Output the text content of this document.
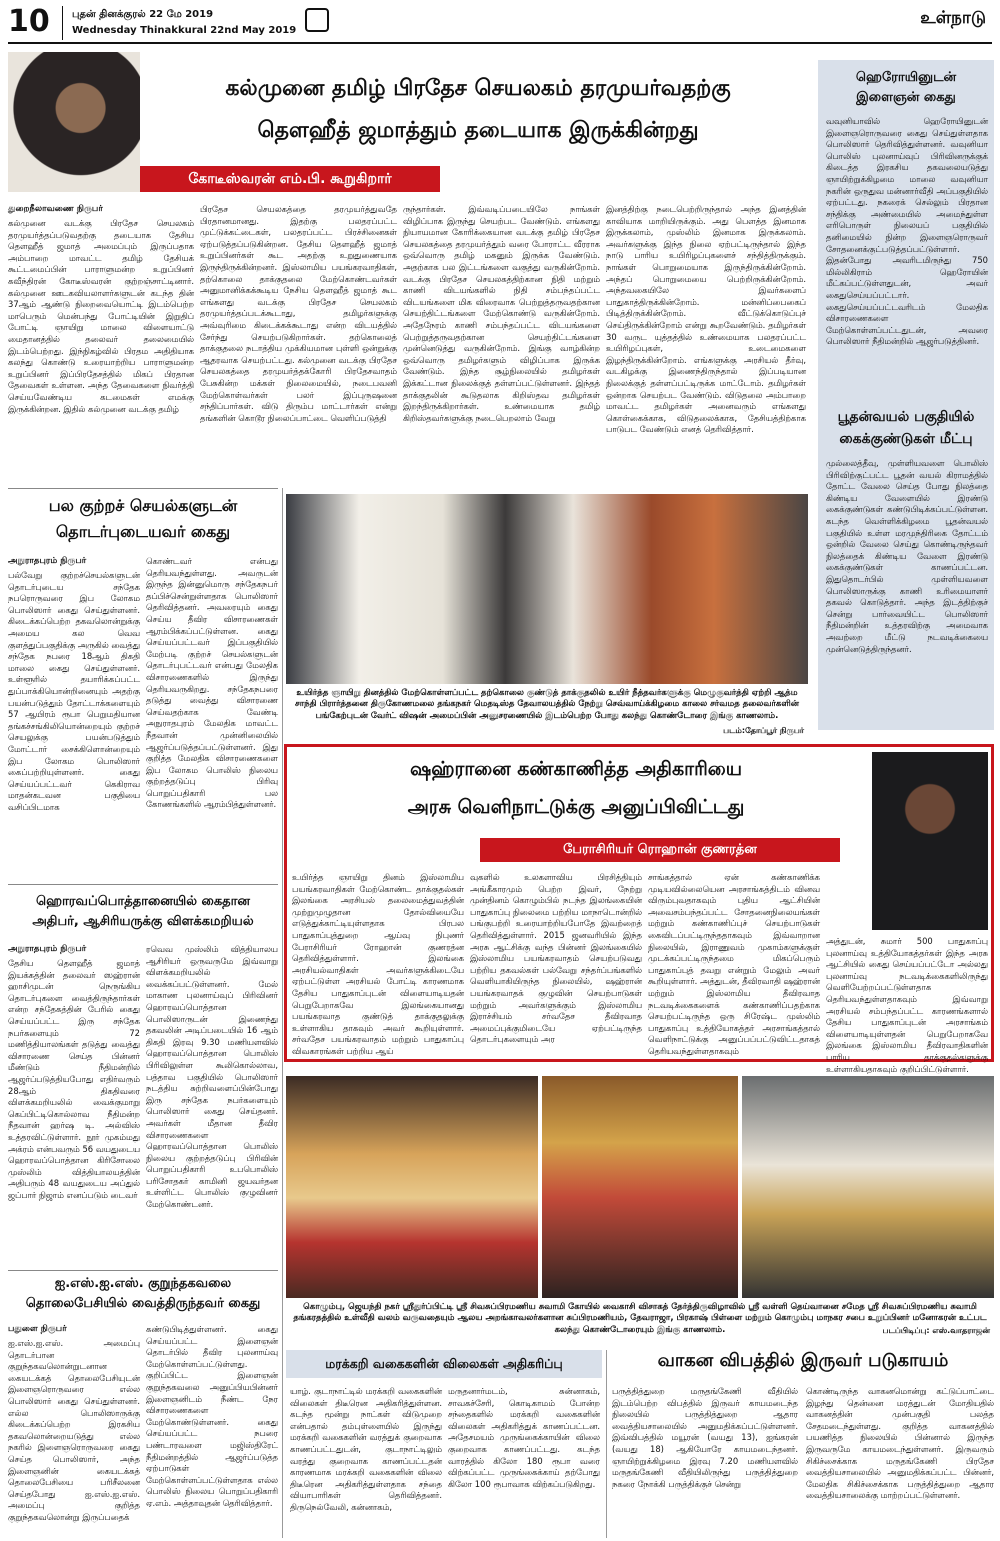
10 புதன் தினக்குரல் 22 மே 2019
Wednesday Thinakkural 22nd May 2019
உள்நாடு
கல்முனை தமிழ் பிரதேச செயலகம் தரமுயர்வதற்கு
தௌஹீத் ஜமாத்தும் தடையாக இருக்கின்றது
கோடீஸ்வரன் எம்.பி. கூறுகிறார்
துறைநீலாவணை நிருபர்
கல்முனை வடக்கு பிரதேச செயலகம் தரமுயர்த்தப்படுவதற்கு தடையாக தேசிய தௌஹீத் ஜமாத் அமைப்பும் இருப்பதாக அம்பாறை மாவட்ட தமிழ் தேசியக் கூட்டமைப்பின் பாராளுமன்ற உறுப்பினர் கவீந்திரன் கோடீஸ்வரன் குற்றஞ்சாட்டினார். கல்முனை ஊடகவியலாளர்களுடன் கடந்த தின் 37ஆம் ஆண்டு நிறைவையொட்டி இடம்பெற்ற மாபெரும் மென்பந்து போட்டியின் இறுதிப் போட்டி ஞாயிறு மாலை விளையாட்டு மைதானத்தில் தலைவர் தலைமையில் இடம்பெற்றது. இந்நிகழ்வில் பிரதம அதிதியாக கலந்து கொண்டு உரையாற்றிய பாராளுமன்ற உறுப்பினர் இப்பிரதேசத்தில் மிகப் பிரதான தேவைகள் உள்ளன. அந்த தேவைகளை நிவர்த்தி செய்யவேண்டிய கடமைகள் எமக்கு இருக்கின்றன. இதில் கல்முனை வடக்கு தமிழ்
பிரதேச செயலகத்தை தரமுயர்த்துவதே பிரதானமானது. இதற்கு பலதரப்பட்ட முட்டுக்கட்டைகள், பலதரப்பட்ட பிரச்சினைகள் ஏற்படுத்தப்படுகின்றன. தேசிய தௌஹீத் ஜமாத் உறுப்பினர்கள் கூட அதற்கு உறுதுணையாக இருந்திருக்கின்றனர். இஸ்லாமிய பயங்கரவாதிகள், தற்கொலை தாக்குதலை மேற்கொண்டவர்கள் அனுமானிக்கக்கூடிய நேசிய தௌஹீத் ஜமாத் கூட எங்களது வடக்கு பிரதேச செயலகம் தரமுயர்த்தப்படக்கூடாது, தமிழர்களுக்கு அவ்வுரிமை கிடைக்கக்கூடாது என்ற விடயத்தில் சேர்ந்து செயற்படுகிறார்கள். தற்கொலைத் தாக்குதலை நடாத்திய முக்கியமான புள்ளி ஒன்றுக்கு ஆதரவாக செயற்பட்டது. கல்முனை வடக்கு பிரதேச செயலகத்தை தரமுயர்த்தக்கோரி பிரதேசவாதம் பேசுகின்ற மக்கள் நிலைமையில், நடைபவனி மேற்கொள்வர்கள் பலர் இப்புருஷனை சந்திப்பார்கள். விடு திரும்ப மாட்டார்கள் என்று தங்களின் கொடூர நிலைப்பாட்டை வெளிப்படுத்தி
ருந்தார்கள். இவ்வடிப்படையிலே நாங்கள் விழிப்பாக இருந்து செயற்பட வேண்டும். எங்களது நியாயமான கோரிக்கையான வடக்கு தமிழ் பிரதேச செயலகத்தை தரமுயர்த்தும் வரை போராட்ட வீரராக ஒவ்வொரு தமிழ் மகனும் இருக்க வேண்டும். அதற்காக பல இட்டங்களை வகுத்து வருகின்றோம். வடக்கு பிரதேச செயலகத்திற்கான நிதி மற்றும் காணி விடயங்களில் நிதி சம்பந்தப்பட்ட விடயங்களை மிக விரைவாக பெற்றுத்தருவதற்கான செயற்திட்டங்களை மேற்கொண்டு வருகின்றோம். அதேநேரம் காணி சம்பந்தப்பட்ட விடயங்களை பெற்றுத்தருவதற்கான செயற்திட்டங்களை முன்னெடுத்து வருகின்றோம். இங்கு வாழ்கின்ற ஒவ்வொரு தமிழர்களும் விழிப்பாக இருக்க வேண்டும். இந்த சூழ்நிலையில் தமிழர்கள் இக்கட்டான நிலைக்குத் தள்ளப்பட்டுள்ளனர். இந்தத் தாக்குதலின் கூடுதலாக கிறிஸ்தவ தமிழர்கள் இறந்திருக்கிறார்கள். உண்மையாக தமிழ் கிறிஸ்தவர்களுக்கு நடைபெறலாம் வேறு
இனத்திற்கு நடைபெற்றிருந்தால் அந்த இனத்தின் காவியாக மாறியிருக்கும். அது பௌத்த இனமாக இருக்கலாம், முஸ்லிம் இனமாக இருக்கலாம். அவர்களுக்கு இந்த நிலை ஏற்பட்டிருந்தால் இந்த நாடு பாரிய உயிரிழப்புகளைச் சந்தித்திருக்கும். நாங்கள் பொறுமையாக இருந்திருக்கின்றோம். அந்தப் பொறுமையை பெற்றிருக்கின்றோம். அந்தவகையிலே இவர்களைப் பாதுகாத்திருக்கின்றோம். மன்னிப்பைகைப் பிடித்திருக்கின்றோம். வீட்டுக்கொடுப்புச் செய்திருக்கின்றோம் என்று கூறவேண்டும். தமிழர்கள் 30 வருட யுத்தத்தில் உண்மையாக பலதரப்பட்ட உயிரிழப்புகள், உடைமைகளை இழந்திருக்கின்றோம். எங்களுக்கு அரசியல் தீர்வு, வடகிழக்கு இணைந்திருந்தால் இப்படியான நிலைக்குத் தள்ளப்பட்டிருக்க மாட்டோம். தமிழர்கள் ஒன்றாக செயற்பட வேண்டும். விடுதலை அம்பாறை மாவட்ட தமிழர்கள் அனைவரும் எங்களது கொள்கைக்காக, விடுதலைக்காக, தேசியத்திற்காக பாடுபட வேண்டும் எனத் தெரிவித்தார்.
ஹெரோயினுடன்
இளைஞன் கைது
வவுனியாவில் ஹெரோயினுடன் இளைஞரொருவரை கைது செய்துள்ளதாக பொலிஸார் தெரிவித்துள்ளனர். வவுனியா பொலிஸ் புலனாய்வுப் பிரிவினருக்குக் கிடைத்த இரகசிய தகவலையடுத்து ஞாயிற்றுக்கிழமை மாலை வவுனியா நகரின் ஒருதுவ மன்னார்வீதி அப்பகுதியில் ஏற்பட்டது. நகரைக் செல்லும் பிரதான சந்திக்கு அண்மையில் அமைந்துள்ள எரிபொருள் நிலையப் பகுதியில் தனிமையில் நின்ற இளைஞரொருவர் சோதனைக்குட்படுத்தப்பட்டுள்ளார். இதன்போது அவரிடமிருந்து 750 மில்லிகிராம் ஹெரோயின் மீட்கப்பட்டுள்ளதுடன், அவர் கைதுசெய்யப்பட்டார். கைதுசெய்யப்பட்டவரிடம் மேலதிக விசாரணைகளை மேற்கொள்ளப்பட்டதுடன், அவரை பொலிஸார் நீதிமன்றில் ஆஜர்படுத்தினர்.
பூதன்வயல் பகுதியில்
கைக்குண்டுகள் மீட்பு
முல்லைத்தீவு, முள்ளியவளை பொலிஸ் பிரிவிற்குட்பட்ட பூதன் வயல் கிராமத்தில் தோட்ட வேலை செய்த போது நிலத்தை கிண்டிய வேளையில் இரண்டு கைக்குண்டுகள் கண்டுபிடிக்கப்பட்டுள்ளன. கடந்த வெள்ளிக்கிழமை பூதன்வயல் பகுதியில் உள்ள மரமுந்திரிகை தோட்டம் ஒன்றில் வேலை செய்து கொண்டிருந்தவர் நிலத்தைக் கிண்டிய வேளை இரண்டு கைக்குண்டுகள் காணப்பட்டன. இதுதொடர்பில் முள்ளியவளை பொலிஸாருக்கு காணி உரிமையாளர் தகவல் கொடுத்தார். அந்த இடத்திற்குச் சென்று பார்வையிட்ட பொலிஸார் நீதிமன்றின் உத்தரவிற்கு அமைவாக அவற்றை மீட்டு நடவடிக்கையை முன்னெடுத்திருந்தனர்.
பல குற்றச் செயல்களுடன்
தொடர்புடையவர் கைது
அநுராதபுரம் நிருபர்
பல்வேறு குற்றச்செயல்களுடன் தொடர்புடைய சந்தேக நபரொருவரை இப லோகம பொலிஸார் கைது செய்துள்ளனர். கிடைக்கப்பெற்ற தகவலொன்றுக்கு அமைய கல வெவ குளத்துப்பகுதிக்கு அருகில் வைத்து சந்தேக நபரை 18ஆம் திகதி மாலை கைது செய்துள்ளனர். உள்ளூரில் தயாரிக்கப்பட்ட துப்பாக்கியொன்றினையும் அதற்கு பயன்படுத்தும் தோட்டாக்களையும் 57 ஆயிரம் ரூபா பெறுமதியான தங்கச்சங்கிலியொன்றையும் குற்றச் செயலுக்கு பயன்படுத்தும் மோட்டார் சைக்கிளொன்றையும் இப லோகம பொலிஸார் கைப்பற்றியுள்ளனர். கைது செய்யப்பட்டவர் கெகிராவ மாதன்கடவன பகுதியை வசிப்பிடமாக
கொண்டவர் என்பது தெரியவந்துள்ளது. அவருடன் இருந்த இன்னுமொரு சந்தேகநபர் தப்பிச்சென்றுள்ளதாக பொலிஸார் தெரிவித்தனர். அவரையும் கைது செய்ய தீவிர விசாரணைகள் ஆரம்பிக்கப்பட்டுள்ளன. கைது செய்யப்பட்டவர் இப்பகுதியில் மேற்படி குற்றச் செயல்களுடன் தொடர்புபட்டவர் என்பது மேலதிக விசாரணைகளில் இருந்து தெரியவருகிறது. சந்தேகநபரை தடுத்து வைத்து விசாரணை செய்வதற்காக வேண்டி அநுராதபுரம் மேலதிக மாவட்ட நீதவான் முன்னிலையில் ஆஜர்ப்படுத்தப்பட்டுள்ளனர். இது குறித்த மேலதிக விசாரணைகளை இப லோகம பொலிஸ் நிலைய குற்றத்தடுப்பு பிரிவு பொறுப்பதிகாரி பல கோணங்களில் ஆரம்பித்துள்ளனர்.
உயிர்த்த ஞாயிறு தினத்தில் மேற்கொள்ளப்பட்ட தற்கொலை குண்டுத் தாக்குதலில் உயிர் நீத்தவர்களுக்கு மெழுகுவர்த்தி ஏற்றி ஆத்ம சாந்தி பிரார்த்தனை திருகோணமலை தங்கநகர் மெதடிஸ்த தேவாலயத்தில் நேற்று செவ்வாய்க்கிழமை காலை சர்வமத தலைவர்களின் பங்கேற்புடன் வேர்ட் விஷன் அமைப்பின் அனுசரணையில் இடம்பெற்ற போது கலந்து கொண்டோரை இங்கு காணலாம்.
படம்:தோப்பூர் நிருபர்
ஷஹ்ரானை கண்காணித்த அதிகாரியை
அரசு வெளிநாட்டுக்கு அனுப்பிவிட்டது
பேராசிரியர் ரொஹான் குணரத்ன
உயிர்த்த ஞாயிறு தினம் இஸ்லாமிய பயங்கரவாதிகள் மேற்கொண்ட தாக்குதல்கள் இலங்கை அரசியல் தலைமைத்துவத்தின் முற்றுமுழுதான தோல்வியையே எடுத்துக்காட்டியுள்ளதாக பிரபல பாதுகாப்புத்துறை ஆய்வு நிபுணர் பேராசிரியர் ரோஹான் குணரத்ன தெரிவித்துள்ளார். இலங்கை அரசியல்வாதிகள் அவர்களுக்கிடையே ஏற்பட்டுள்ள அரசியல் போட்டி காரணமாக தேசிய பாதுகாப்புடன் விளையாடியதன் பெறுபேறாகவே இலங்கையானது பயங்கரவாத குண்டுத் தாக்குதலுக்கு உள்ளாகிய தாகவும் அவர் கூறியுள்ளார். சர்வதேச பயங்கரவாதம் மற்றும் பாதுகாப்பு விவகாரங்கள் பற்றிய ஆய்
வுகளில் உலகளாவிய பிரசித்தியும் அங்கீகாரமும் பெற்ற இவர், நேற்று முன்தினம் கொழும்பில் நடந்த இலங்கையின் பாதுகாப்பு நிலைமை பற்றிய மாநாடொன்றில் பங்குபற்றி உரையாற்றியபோதே இவற்றைத் தெரிவித்துள்ளார். 2015 ஜனவரியில் இந்த அரசு ஆட்சிக்கு வந்த பின்னர் இலங்கையில் இஸ்லாமிய பயங்கரவாதம் செயற்படுவது பற்றிய தகவல்கள் பல்வேறு சந்தர்ப்பங்களில் வெளியாகியிருந்த நிலையில், ஷஹ்ரான் பயங்கரவாதக் குழுவின் செயற்பாடுகள் மற்றும் அவர்களுக்கும் இஸ்லாமிய இராச்சியம் சர்வதேச தீவிரவாத அமைப்புக்குமிடையே ஏற்பட்டிருந்த தொடர்புகளையும் அர
சாங்கத்தால் ஏன் கண்காணிக்க முடியவில்லையென அரசாங்கத்திடம் வினவ விரும்புவதாகவும் புதிய ஆட்சியின் அவைசம்பந்தப்பட்ட சோதனைநிலையங்கள் மற்றும் கண்காணிப்புச் செயற்பாடுகள் கைவிடப்பட்டிருந்ததாகவும் இவ்வாறான நிலையில், இராணுவம் முகாம்களுக்குள் முடக்கப்பட்டிருந்தமை மிகப்பெரும் பாதுகாப்புத் தவறு என்றும் மேலும் அவர் கூறியுள்ளார். அத்துடன், தீவிரவாதி ஷஹ்ரான் மற்றும் இஸ்லாமிய தீவிரவாத நடவடிக்கைகளைக் கண்காணிப்பதற்காக செயற்பட்டிருந்த ஒரு சிரேஷ்ட முஸ்லிம் பாதுகாப்பு உத்தியோகத்தர் அரசாங்கத்தால் வெளிநாட்டுக்கு அனுப்பப்பட்டுவிட்டதாகத் தெரியவந்துள்ளதாகவும்
அத்துடன், சுமார் 500 பாதுகாப்பு புலனாய்வு உத்தியோகத்தர்கள் இந்த அரசு ஆட்சியில் கைது செய்யப்பட்டோ அல்லது புலனாய்வு நடவடிக்கைகளிலிருந்து வெளியேற்றப்பட்டுள்ளதாக தெரியவந்துள்ளதாகவும் இவ்வாறு அரசியல் சம்பந்தப்பட்ட காரணங்களால் தேசிய பாதுகாப்புடன் அரசாங்கம் விளையாடியுள்ளதன் பெறுபேறாகவே இலங்கை இஸ்லாமிய தீவிரவாதிகளின் பாரிய தாக்குதல்களுக்கு உள்ளாகியதாகவும் குறிப்பிட்டுள்ளார்.
ஹொரவப்பொத்தானையில் கைதான
அதிபர், ஆசிரியருக்கு விளக்கமறியல்
அநுராதபுரம் நிருபர்
தேசிய தௌஹீத் ஜமாத் இயக்கத்தின் தலைவர் ஸஹ்ரான் ஹாசிமுடன் நெருங்கிய தொடர்புகளை வைத்திருந்தார்கள் என்ற சந்தேகத்தின் பேரில் கைது செய்யப்பட்ட இரு சந்தேக நபர்களையும் 72 மணித்தியாலங்கள் தடுத்து வைத்து விசாரணை செய்த பின்னர் மீண்டும் நீதிமன்றில் ஆஜர்ப்படுத்தியபோது எதிர்வரும் 28ஆம் திகதிவரை விளக்கமறியலில் வைக்குமாறு கெப்பிட்டிகொல்லாவ நீதிமன்ற நீதவான் ஹர்ஷ டி. அல்விஸ் உத்தரவிட்டுள்ளார். நூர் முகம்மது அக்ரம் என்பவரும் 56 வயதுடைய ஹொரவப்பொத்தான கிரிசோலை முஸ்லிம் வித்தியாலயத்தின் அதிபரும் 48 வயதுடைய அப்துல் ஜப்பார் நிஜாம் எனப்படும் டைவர்
ரவெவ முஸ்லிம் வித்தியாலய ஆசிரியர் ஒருவருமே இவ்வாறு விளக்கமறியலில் வைக்கப்பட்டுள்ளனர். மேல் மாகாண புலனாய்வுப் பிரிவினர் ஹொரவப்பொத்தான பொலிஸாருடன் இணைந்து தகவலின் அடிப்படையில் 16 ஆம் திகதி இரவு 9.30 மணியளவில் ஹொரவப்பொத்தான பொலிஸ் பிரிவிலுள்ள கூலிகொல்லாவ, பத்தாவ பகுதியில் பொலிஸார் நடத்திய சுற்றிவளைப்பின்போது இரு சந்தேக நபர்களையும் பொலிஸார் கைது செய்தனர். அவர்கள் மீதான தீவிர விசாரணைகளை ஹொரவப்பொத்தான பொலிஸ் நிலைய குற்றத்தடுப்பு பிரிவின் பொறுப்பதிகாரி உபபொலிஸ் பரிசோதகர் காமினி ஜயவர்தன உள்ளிட்ட பொலிஸ் குழுவினர் மேற்கொண்டனர்.
கொழும்பு, ஜெயந்தி நகர் ஸ்ரீதுர்ப்பிட்டி ஸ்ரீ சிவசுப்பிரமணிய சுவாமி கோயில் வைகாசி விசாகத் தேர்த்திருவிழாவில் ஸ்ரீ வள்ளி தெய்வானை சமேத ஸ்ரீ சிவசுப்பிரமணிய சுவாமி தங்கரதத்தில் உள்வீதி வலம் வருவதையும் ஆலய அறங்காவலர்களான சுப்பிரமணியம், தேவராஜா, பிரகாஷ் பிள்ளை மற்றும் கொழும்பு மாநகர சபை உறுப்பினர் மனோகரன் உட்பட கலந்து கொண்டோரையும் இங்கு காணலாம்.	படப்பிடிப்பு: எஸ்.வாதராஜன்
ஐ.எஸ்.ஐ.எஸ். குறுந்தகவலை
தொலைபேசியில் வைத்திருந்தவர் கைது
பதுளை நிருபர்
ஐ.எஸ்.ஐ.எஸ். அமைப்பு தொடர்பான குறுந்தகவலொன்றுடனான கையடக்கத் தொலைபேசியுடன் இளைஞரொருவரை எல்ல பொலிஸார் கைது செய்துள்ளனர். எல்ல பொலிஸாருக்கு கிடைக்கப்பெற்ற இரகசிய தகவலொன்றையடுத்து எல்ல நகரில் இளைஞரொருவரை கைது செய்த பொலிஸார், அந்த இளைஞனின் கையடக்கத் தொலைபேசியை பரிசீலனை செய்தபோது ஐ.எஸ்.ஐ.எஸ். அமைப்பு குறித்த குறுந்தகவலொன்று இருப்பதைக்
கண்டுபிடித்துள்ளனர். கைது செய்யப்பட்ட இளைஞன் தொடர்பில் தீவிர புலனாய்வு மேற்கொள்ளப்பட்டுள்ளது. குறிப்பிட்ட இளைஞன் குறுந்தகவலை அனுப்பியபின்னர் இளைஞனிடம் நீண்ட நேர விசாரணைகளை மேற்கொண்டுள்ளனர். கைது செய்யப்பட்ட நபரை பண்டாரவளை மஜிஸ்திரேட் நீதிமன்றத்தில் ஆஜர்ப்படுத்த ஏற்பாடுகள் மேற்கொள்ளப்பட்டுள்ளதாக எல்ல பொலிஸ் நிலைய பொறுப்பதிகாரி ஏ.எம். அத்தாவுதன் தெரிவித்தார்.
மரக்கறி வகைகளின் விலைகள் அதிகரிப்பு
யாழ். குடாநாட்டில் மரக்கறி வகைகளின் விலைகள் திடீரென அதிகரித்துள்ளன. கடந்த மூன்று நாட்கள் விடுமுறை என்பதால் தம்புள்ளையில் இருந்து மரக்கறி வகைகளின் வரத்துக் குறைவாக காணப்பட்டதுடன், குடாநாட்டிலும் வரத்து குறைவாக காணப்பட்டதன் காரணமாக மரக்கறி வகைகளின் விலை திடீரென அதிகரித்துள்ளதாக சந்தை வியாபாரிகள் தெரிவித்தனர். திருநெல்வேலி, கன்னாகம்,
மருதனார்மடம், சுன்னாகம், சாவகச்சேரி, கொடிகாமம் போன்ற சந்தைகளில் மரக்கறி வகைகளின் விலைகள் அதிகரித்துக் காணப்பட்டன. அதேசமயம் முருங்கைக்காயின் விலை குறைவாக காணப்பட்டது. கடந்த வாரத்தில் கிலோ 180 ரூபா வரை விற்கப்பட்ட முருங்கைக்காய் தற்போது கிலோ 100 ரூபாவாக விற்கப்படுகிறது.
வாகன விபத்தில் இருவர் படுகாயம்
பருத்தித்துறை மருதங்கேணி வீதியில் இடம்பெற்ற விபத்தில் இருவர் காயமடைந்த நிலையில் பருத்தித்துறை ஆதார வைத்தியசாலையில் அனுமதிக்கப்பட்டுள்ளனர். இவ்விபத்தில் மயூரன் (வயது 13), ஐங்கரன் (வயது 18) ஆகியோரே காயமடைந்தனர். ஞாயிற்றுக்கிழமை இரவு 7.20 மணியளவில் மருதங்கேணி வீதியிலிருந்து பருத்தித்துறை நகரை நோக்கி பருத்திக்குச் சென்று
கொண்டிருந்த வாகனமொன்று கட்டுப்பாட்டை இழந்து தென்னை மரத்துடன் மோதியதில் வாகனத்தின் முன்பகுதி பலத்த சேதமடைந்துள்ளது. குறித்த வாகனத்தில் பயணித்த நிலையில் பின்னால் இருந்த இருவருமே காயமடைந்துள்ளனர். இருவரும் சிகிச்சைக்காக மருதங்கேணி பிரதேச வைத்தியசாலையில் அனுமதிக்கப்பட்ட பின்னர், மேலதிக சிகிச்சைக்காக பருத்தித்துறை ஆதார வைத்தியசாலைக்கு மாற்றப்பட்டுள்ளனர்.
